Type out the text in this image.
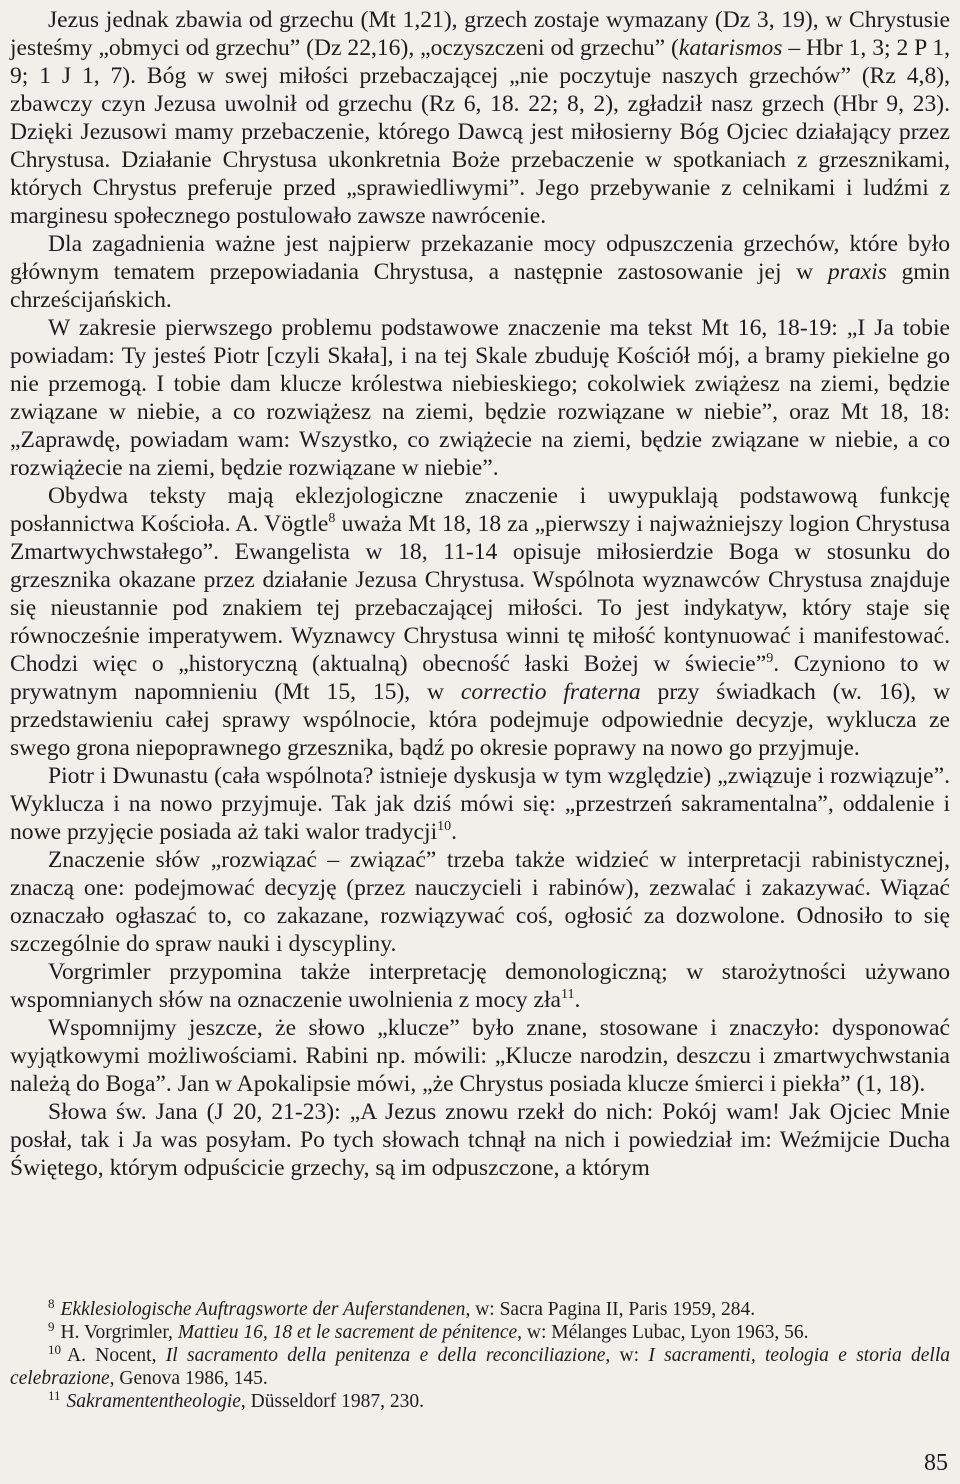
Jezus jednak zbawia od grzechu (Mt 1,21), grzech zostaje wymazany (Dz 3, 19), w Chrystusie jesteśmy „obmyci od grzechu” (Dz 22,16), „oczyszczeni od grzechu” (katarismos – Hbr 1, 3; 2 P 1, 9; 1 J 1, 7). Bóg w swej miłości przebaczającej „nie poczytuje naszych grzechów” (Rz 4,8), zbawczy czyn Jezusa uwolnił od grzechu (Rz 6, 18. 22; 8, 2), zgładził nasz grzech (Hbr 9, 23). Dzięki Jezusowi mamy przebaczenie, którego Dawcą jest miłosierny Bóg Ojciec działający przez Chrystusa. Działanie Chrystusa ukonkretnia Boże przebaczenie w spotkaniach z grzesznikami, których Chrystus preferuje przed „sprawiedliwymi”. Jego przebywanie z celnikami i ludźmi z marginesu społecznego postulowało zawsze nawrócenie.

Dla zagadnienia ważne jest najpierw przekazanie mocy odpuszczenia grzechów, które było głównym tematem przepowiadania Chrystusa, a następnie zastosowanie jej w praxis gmin chrześcijańskich.

W zakresie pierwszego problemu podstawowe znaczenie ma tekst Mt 16, 18-19: „I Ja tobie powiadam: Ty jesteś Piotr [czyli Skała], i na tej Skale zbuduję Kościół mój, a bramy piekielne go nie przemogą. I tobie dam klucze królestwa niebieskiego; cokolwiek zwiążesz na ziemi, będzie związane w niebie, a co rozwiążesz na ziemi, będzie rozwiązane w niebie”, oraz Mt 18, 18: „Zaprawdę, powiadam wam: Wszystko, co zwiążecie na ziemi, będzie związane w niebie, a co rozwiążecie na ziemi, będzie rozwiązane w niebie”.

Obydwa teksty mają eklezjologiczne znaczenie i uwypuklają podstawową funkcję posłannictwa Kościoła. A. Vögtle$^8$ uważa Mt 18, 18 za „pierwszy i najważniejszy logion Chrystusa Zmartwychwstałego”. Ewangelista w 18, 11-14 opisuje miłosierdzie Boga w stosunku do grzesznika okazane przez działanie Jezusa Chrystusa. Wspólnota wyznawców Chrystusa znajduje się nieustannie pod znakiem tej przebaczającej miłości. To jest indykatyw, który staje się równocześnie imperatywem. Wyznawcy Chrystusa winni tę miłość kontynuować i manifestować. Chodzi więc o „historyczną (aktualną) obecność łaski Bożej w świecie”$^9$. Czyniono to w prywatnym napomnieniu (Mt 15, 15), w correctio fraterna przy świadkach (w. 16), w przedstawieniu całej sprawy wspólnocie, która podejmuje odpowiednie decyzje, wyklucza ze swego grona niepoprawnego grzesznika, bądź po okresie poprawy na nowo go przyjmuje.

Piotr i Dwunastu (cała wspólnota? istnieje dyskusja w tym względzie) „związuje i rozwiązuje”. Wyklucza i na nowo przyjmuje. Tak jak dziś mówi się: „przestrzeń sakramentalna”, oddalenie i nowe przyjęcie posiada aż taki walor tradycji$^{10}$.

Znaczenie słów „rozwiązać – związać” trzeba także widzieć w interpretacji rabinistycznej, znaczą one: podejmować decyzję (przez nauczycieli i rabinów), zezwalać i zakazywać. Wiązać oznaczało ogłaszać to, co zakazane, rozwiązywać coś, ogłosić za dozwolone. Odnosiło to się szczególnie do spraw nauki i dyscypliny.

Vorgrimler przypomina także interpretację demonologiczną; w starożytności używano wspomnianych słów na oznaczenie uwolnienia z mocy zła$^{11}$.

Wspomnijmy jeszcze, że słowo „klucze” było znane, stosowane i znaczyło: dysponować wyjątkowymi możliwościami. Rabini np. mówili: „Klucze narodzin, deszczu i zmartwychwstania należą do Boga”. Jan w Apokalipsie mówi, „że Chrystus posiada klucze śmierci i piekła” (1, 18).

Słowa św. Jana (J 20, 21-23): „A Jezus znowu rzekł do nich: Pokój wam! Jak Ojciec Mnie posłał, tak i Ja was posyłam. Po tych słowach tchnął na nich i powiedział im: Weźmijcie Ducha Świętego, którym odpuścicie grzechy, są im odpuszczone, a którym

$^8$ Ekklesiologische Auftragsworte der Auferstandenen, w: Sacra Pagina II, Paris 1959, 284.

$^9$ H. Vorgrimler, Mattieu 16, 18 et le sacrement de pénitence, w: Mélanges Lubac, Lyon 1963, 56.

$^{10}$ A. Nocent, Il sacramento della penitenza e della reconciliazione, w: I sacramenti, teologia e storia della celebrazione, Genova 1986, 145.

$^{11}$ Sakramententheologie, Düsseldorf 1987, 230.

85
